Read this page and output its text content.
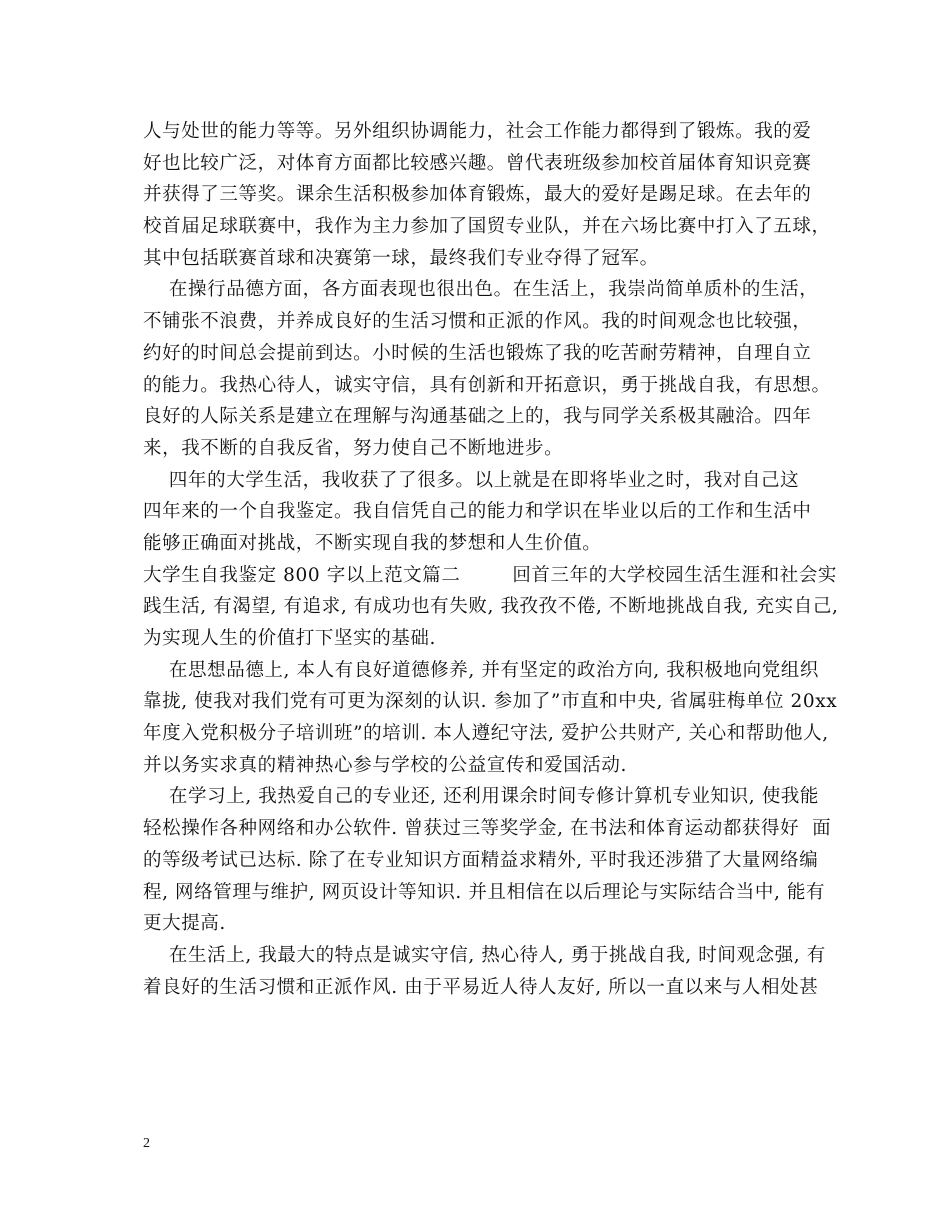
人与处世的能力等等。另外组织协调能力，社会工作能力都得到了锻炼。我的爱
好也比较广泛，对体育方面都比较感兴趣。曾代表班级参加校首届体育知识竞赛
并获得了三等奖。课余生活积极参加体育锻炼，最大的爱好是踢足球。在去年的
校首届足球联赛中，我作为主力参加了国贸专业队，并在六场比赛中打入了五球，
其中包括联赛首球和决赛第一球，最终我们专业夺得了冠军。
在操行品德方面，各方面表现也很出色。在生活上，我崇尚简单质朴的生活，
不铺张不浪费，并养成良好的生活习惯和正派的作风。我的时间观念也比较强，
约好的时间总会提前到达。小时候的生活也锻炼了我的吃苦耐劳精神，自理自立
的能力。我热心待人，诚实守信，具有创新和开拓意识，勇于挑战自我，有思想。
良好的人际关系是建立在理解与沟通基础之上的，我与同学关系极其融洽。四年
来，我不断的自我反省，努力使自己不断地进步。
四年的大学生活，我收获了了很多。以上就是在即将毕业之时，我对自己这
四年来的一个自我鉴定。我自信凭自己的能力和学识在毕业以后的工作和生活中
能够正确面对挑战，不断实现自我的梦想和人生价值。
大学生自我鉴定 800 字以上范文篇二        回首三年的大学校园生活生涯和社会实
践生活, 有渴望, 有追求, 有成功也有失败, 我孜孜不倦, 不断地挑战自我, 充实自己,
为实现人生的价值打下坚实的基础.
在思想品德上, 本人有良好道德修养, 并有坚定的政治方向, 我积极地向党组织
靠拢, 使我对我们党有可更为深刻的认识. 参加了”市直和中央, 省属驻梅单位 20xx
年度入党积极分子培训班”的培训. 本人遵纪守法, 爱护公共财产, 关心和帮助他人,
并以务实求真的精神热心参与学校的公益宣传和爱国活动.
在学习上, 我热爱自己的专业还, 还利用课余时间专修计算机专业知识, 使我能
轻松操作各种网络和办公软件. 曾获过三等奖学金, 在书法和体育运动都获得好  面
的等级考试已达标. 除了在专业知识方面精益求精外, 平时我还涉猎了大量网络编
程, 网络管理与维护, 网页设计等知识. 并且相信在以后理论与实际结合当中, 能有
更大提高.
在生活上, 我最大的特点是诚实守信, 热心待人, 勇于挑战自我, 时间观念强, 有
着良好的生活习惯和正派作风. 由于平易近人待人友好, 所以一直以来与人相处甚
2
